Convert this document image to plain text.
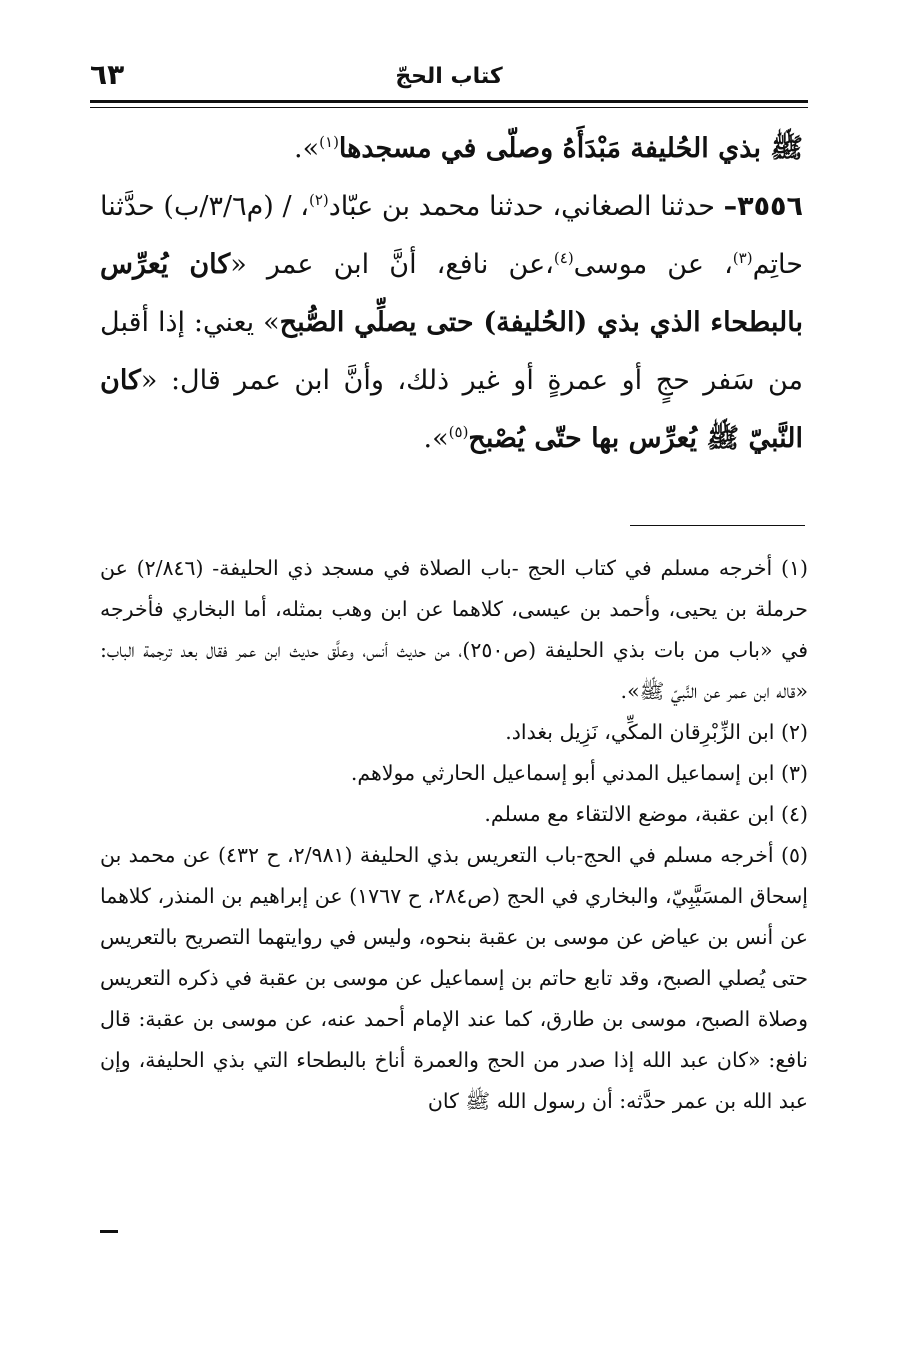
كتاب الحجّ
٦٣

ﷺ بذي الحُليفة مَبْدَأَهُ وصلّى في مسجدها$^{(١)}$».

٣٥٥٦– حدثنا الصغاني، حدثنا محمد بن عبّاد$^{(٢)}$، / (م٣/٦/ب) حدَّثنا حاتِم$^{(٣)}$، عن موسى$^{(٤)}$،عن نافع، أنَّ ابن عمر «كان يُعرِّس بالبطحاء الذي بذي (الحُليفة) حتى يصلِّي الصُّبح» يعني: إذا أقبل من سَفر حجٍ أو عمرةٍ أو غير ذلك، وأنَّ ابن عمر قال: «كان النَّبيّ ﷺ يُعرِّس بها حتّى يُصْبح$^{(٥)}$».

(١) أخرجه مسلم في كتاب الحج -باب الصلاة في مسجد ذي الحليفة- (٢/٨٤٦) عن حرملة بن يحيى، وأحمد بن عيسى، كلاهما عن ابن وهب بمثله، أما البخاري فأخرجه في «باب من بات بذي الحليفة (ص٢٥٠)، من حديث أنس، وعلَّق حديث ابن عمر فقال بعد ترجمة الباب: «قاله ابن عمر عن النَّبيّ ﷺ».

(٢) ابن الزِّبْرِقان المكِّي، نَزِيل بغداد.

(٣) ابن إسماعيل المدني أبو إسماعيل الحارثي مولاهم.

(٤) ابن عقبة، موضع الالتقاء مع مسلم.

(٥) أخرجه مسلم في الحج-باب التعريس بذي الحليفة (٢/٩٨١، ح ٤٣٢) عن محمد بن إسحاق المسَيَّبِيّ، والبخاري في الحج (ص٢٨٤، ح ١٧٦٧) عن إبراهيم بن المنذر، كلاهما عن أنس بن عياض عن موسى بن عقبة بنحوه، وليس في روايتهما التصريح بالتعريس حتى يُصلي الصبح، وقد تابع حاتم بن إسماعيل عن موسى بن عقبة في ذكره التعريس وصلاة الصبح، موسى بن طارق، كما عند الإمام أحمد عنه، عن موسى بن عقبة: قال نافع: «كان عبد الله إذا صدر من الحج والعمرة أناخ بالبطحاء التي بذي الحليفة، وإن عبد الله بن عمر حدَّثه: أن رسول الله ﷺ كان
